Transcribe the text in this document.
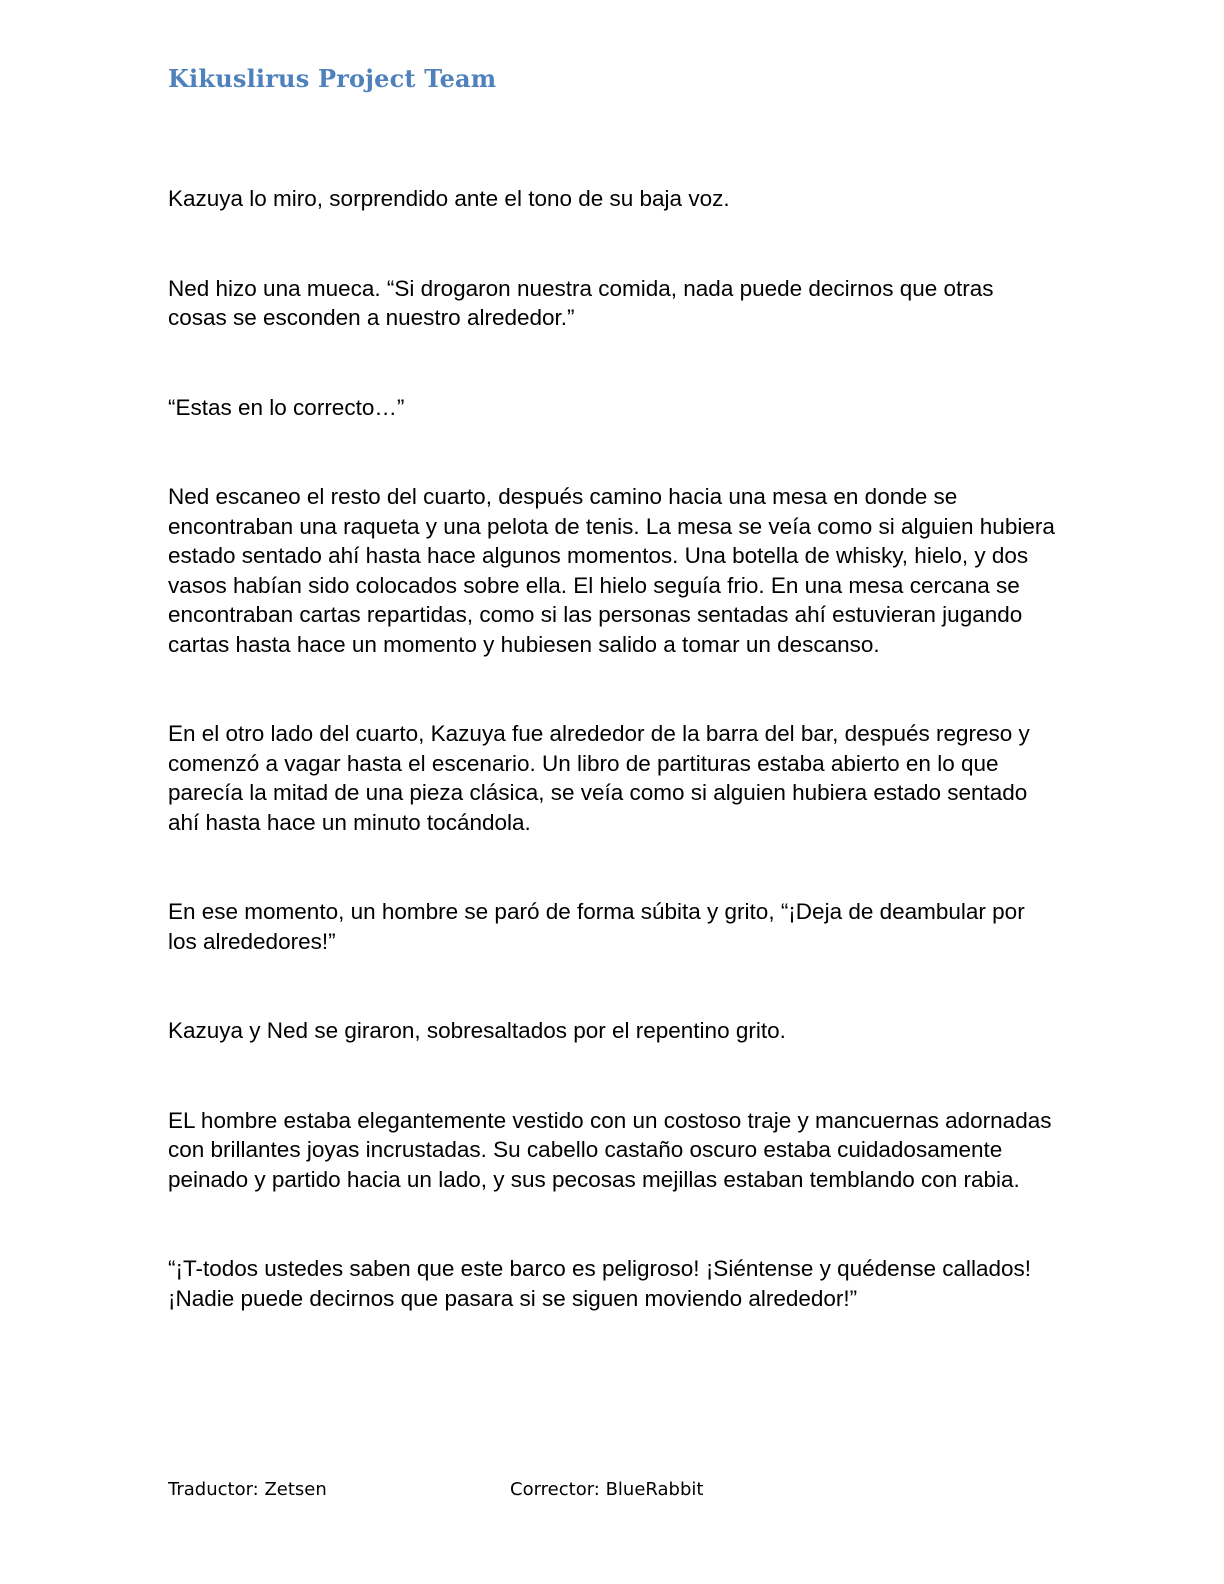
Kikuslirus Project Team

Kazuya lo miro, sorprendido ante el tono de su baja voz.

Ned hizo una mueca. “Si drogaron nuestra comida, nada puede decirnos que otras cosas se esconden a nuestro alrededor.”

“Estas en lo correcto…”

Ned escaneo el resto del cuarto, después camino hacia una mesa en donde se encontraban una raqueta y una pelota de tenis. La mesa se veía como si alguien hubiera estado sentado ahí hasta hace algunos momentos. Una botella de whisky, hielo, y dos vasos habían sido colocados sobre ella. El hielo seguía frio. En una mesa cercana se encontraban cartas repartidas, como si las personas sentadas ahí estuvieran jugando cartas hasta hace un momento y hubiesen salido a tomar un descanso.

En el otro lado del cuarto, Kazuya fue alrededor de la barra del bar, después regreso y comenzó a vagar hasta el escenario. Un libro de partituras estaba abierto en lo que parecía la mitad de una pieza clásica, se veía como si alguien hubiera estado sentado ahí hasta hace un minuto tocándola.

En ese momento, un hombre se paró de forma súbita y grito, “¡Deja de deambular por los alrededores!”

Kazuya y Ned se giraron, sobresaltados por el repentino grito.

EL hombre estaba elegantemente vestido con un costoso traje y mancuernas adornadas con brillantes joyas incrustadas. Su cabello castaño oscuro estaba cuidadosamente peinado y partido hacia un lado, y sus pecosas mejillas estaban temblando con rabia.

“¡T-todos ustedes saben que este barco es peligroso! ¡Siéntense y quédense callados! ¡Nadie puede decirnos que pasara si se siguen moviendo alrededor!”

Traductor: Zetsen	Corrector: BlueRabbit
